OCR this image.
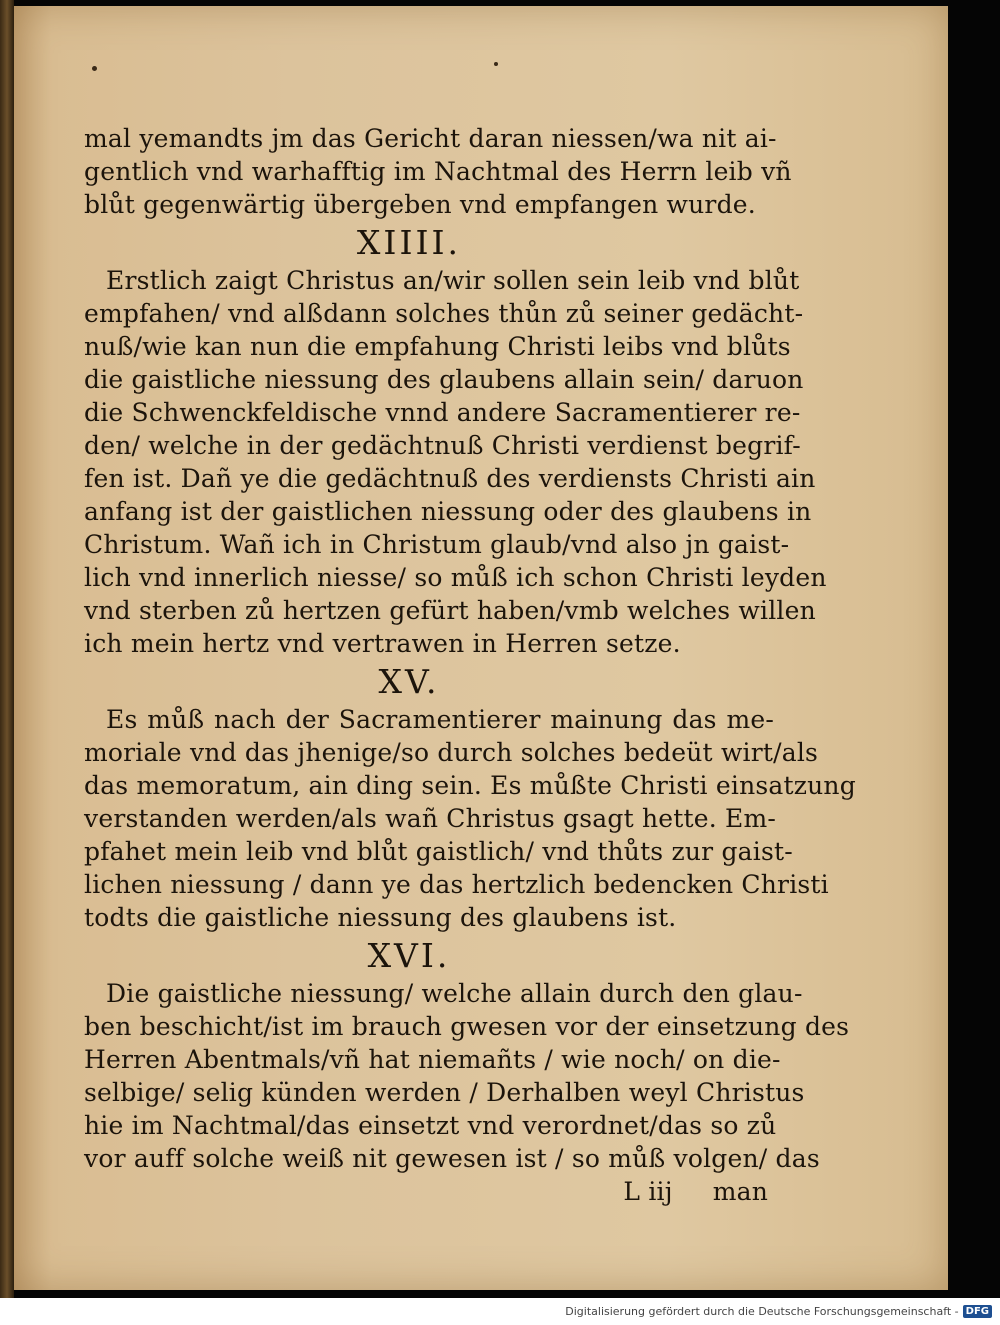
mal yemandts jm das Gericht daran niessen/wa nit ai-
gentlich vnd warhafftig im Nachtmal des Herrn leib vñ
blůt gegenwärtig übergeben vnd empfangen wurde.
XIIII.
Erstlich zaigt Christus an/wir sollen sein leib vnd blůt
empfahen/ vnd alßdann solches thůn zů seiner gedächt-
nuß/wie kan nun die empfahung Christi leibs vnd blůts
die gaistliche niessung des glaubens allain sein/ daruon
die Schwenckfeldische vnnd andere Sacramentierer re-
den/ welche in der gedächtnuß Christi verdienst begrif-
fen ist. Dañ ye die gedächtnuß des verdiensts Christi ain
anfang ist der gaistlichen niessung oder des glaubens in
Christum. Wañ ich in Christum glaub/vnd also jn gaist-
lich vnd innerlich niesse/ so můß ich schon Christi leyden
vnd sterben zů hertzen gefürt haben/vmb welches willen
ich mein hertz vnd vertrawen in Herren setze.
XV.
Es můß nach der Sacramentierer mainung das me-
moriale vnd das jhenige/so durch solches bedeüt wirt/als
das memoratum, ain ding sein. Es můßte Christi einsatzung
verstanden werden/als wañ Christus gsagt hette. Em-
pfahet mein leib vnd blůt gaistlich/ vnd thůts zur gaist-
lichen niessung / dann ye das hertzlich bedencken Christi
todts die gaistliche niessung des glaubens ist.
XVI.
Die gaistliche niessung/ welche allain durch den glau-
ben beschicht/ist im brauch gwesen vor der einsetzung des
Herren Abentmals/vñ hat niemañts / wie noch/ on die-
selbige/ selig künden werden / Derhalben weyl Christus
hie im Nachtmal/das einsetzt vnd verordnet/das so zů
vor auff solche weiß nit gewesen ist / so můß volgen/ das
L iij man
Digitalisierung gefördert durch die Deutsche Forschungsgemeinschaft - DFG
